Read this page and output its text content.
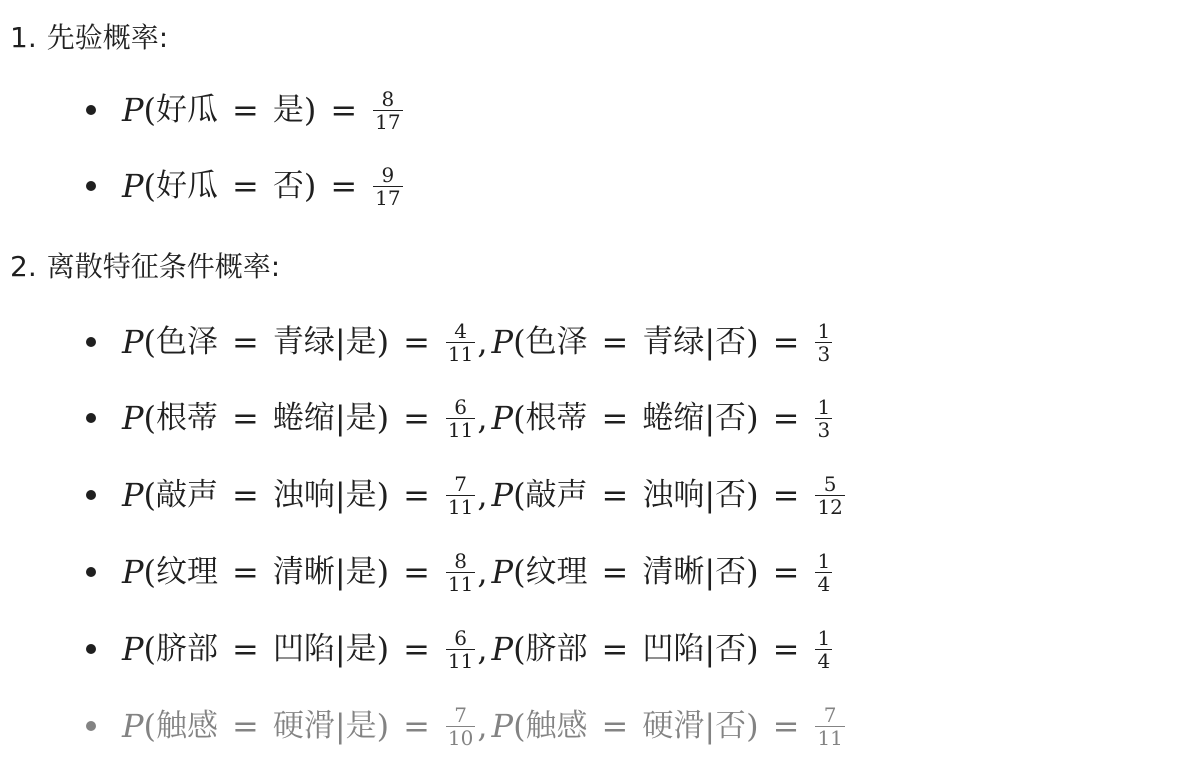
1. 先验概率:
P ( 好瓜 = 是 ) = $\frac{8}{17}$
P ( 好瓜 = 否 ) = $\frac{9}{17}$
2. 离散特征条件概率:
P ( 色泽 = 青绿 | 是 ) = $\frac{4}{11}$ , P ( 色泽 = 青绿 | 否 ) = $\frac{1}{3}$
P ( 根蒂 = 蜷缩 | 是 ) = $\frac{6}{11}$ , P ( 根蒂 = 蜷缩 | 否 ) = $\frac{1}{3}$
P ( 敲声 = 浊响 | 是 ) = $\frac{7}{11}$ , P ( 敲声 = 浊响 | 否 ) = $\frac{5}{12}$
P ( 纹理 = 清晰 | 是 ) = $\frac{8}{11}$ , P ( 纹理 = 清晰 | 否 ) = $\frac{1}{4}$
P ( 脐部 = 凹陷 | 是 ) = $\frac{6}{11}$ , P ( 脐部 = 凹陷 | 否 ) = $\frac{1}{4}$
P ( 触感 = 硬滑 | 是 ) = $\frac{7}{10}$ , P ( 触感 = 硬滑 | 否 ) = $\frac{7}{11}$
